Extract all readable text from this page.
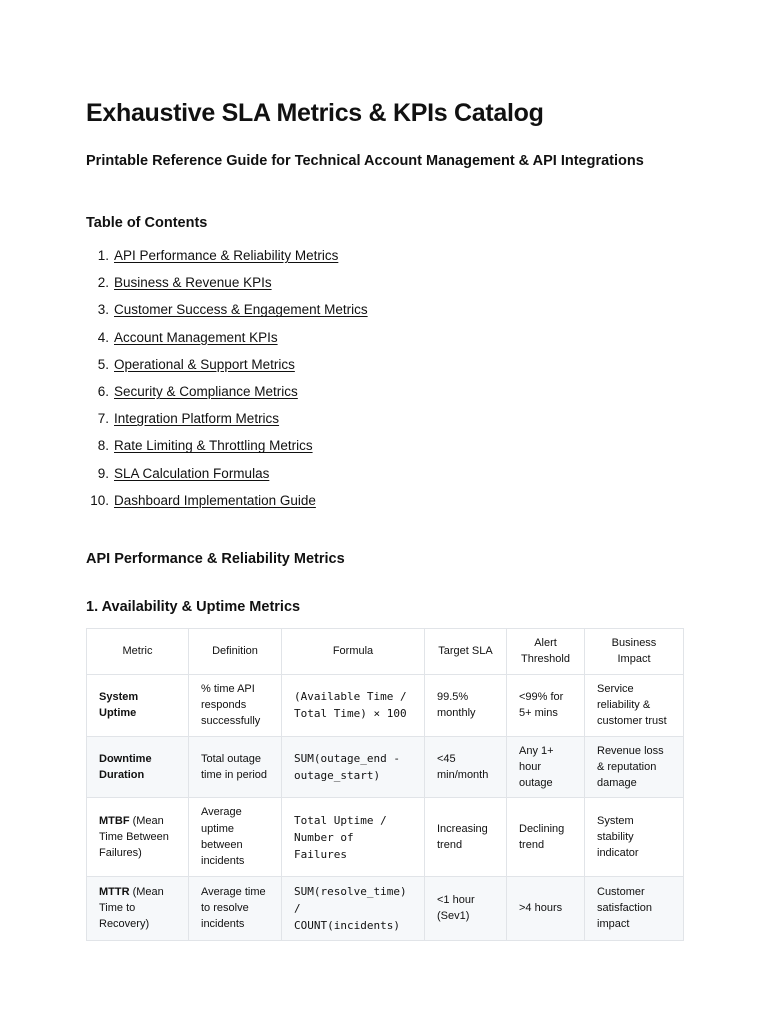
Exhaustive SLA Metrics & KPIs Catalog
Printable Reference Guide for Technical Account Management & API Integrations
Table of Contents
1. API Performance & Reliability Metrics
2. Business & Revenue KPIs
3. Customer Success & Engagement Metrics
4. Account Management KPIs
5. Operational & Support Metrics
6. Security & Compliance Metrics
7. Integration Platform Metrics
8. Rate Limiting & Throttling Metrics
9. SLA Calculation Formulas
10. Dashboard Implementation Guide
API Performance & Reliability Metrics
1. Availability & Uptime Metrics
Metric	Definition	Formula	Target SLA	Alert Threshold	Business Impact
System Uptime	% time API responds successfully	(Available Time / Total Time) × 100	99.5% monthly	<99% for 5+ mins	Service reliability & customer trust
Downtime Duration	Total outage time in period	SUM(outage_end - outage_start)	<45 min/month	Any 1+ hour outage	Revenue loss & reputation damage
MTBF (Mean Time Between Failures)	Average uptime between incidents	Total Uptime / Number of Failures	Increasing trend	Declining trend	System stability indicator
MTTR (Mean Time to Recovery)	Average time to resolve incidents	SUM(resolve_time) / COUNT(incidents)	<1 hour (Sev1)	>4 hours	Customer satisfaction impact
